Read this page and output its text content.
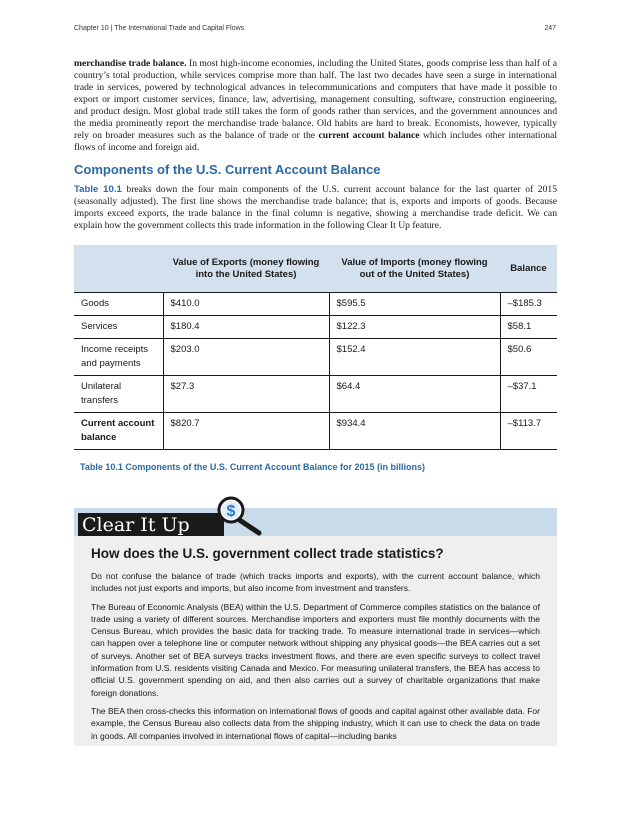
Chapter 10 | The International Trade and Capital Flows	247

merchandise trade balance. In most high-income economies, including the United States, goods comprise less than half of a country’s total production, while services comprise more than half. The last two decades have seen a surge in international trade in services, powered by technological advances in telecommunications and computers that have made it possible to export or import customer services, finance, law, advertising, management consulting, software, construction engineering, and product design. Most global trade still takes the form of goods rather than services, and the government announces and the media prominently report the merchandise trade balance. Old habits are hard to break. Economists, however, typically rely on broader measures such as the balance of trade or the current account balance which includes other international flows of income and foreign aid.

Components of the U.S. Current Account Balance

Table 10.1 breaks down the four main components of the U.S. current account balance for the last quarter of 2015 (seasonally adjusted). The first line shows the merchandise trade balance; that is, exports and imports of goods. Because imports exceed exports, the trade balance in the final column is negative, showing a merchandise trade deficit. We can explain how the government collects this trade information in the following Clear It Up feature.

	Value of Exports (money flowing into the United States)	Value of Imports (money flowing out of the United States)	Balance
Goods	$410.0	$595.5	–$185.3
Services	$180.4	$122.3	$58.1
Income receipts and payments	$203.0	$152.4	$50.6
Unilateral transfers	$27.3	$64.4	–$37.1
Current account balance	$820.7	$934.4	–$113.7

Table 10.1 Components of the U.S. Current Account Balance for 2015 (in billions)

Clear It Up
$
How does the U.S. government collect trade statistics?

Do not confuse the balance of trade (which tracks imports and exports), with the current account balance, which includes not just exports and imports, but also income from investment and transfers.

The Bureau of Economic Analysis (BEA) within the U.S. Department of Commerce compiles statistics on the balance of trade using a variety of different sources. Merchandise importers and exporters must file monthly documents with the Census Bureau, which provides the basic data for tracking trade. To measure international trade in services—which can happen over a telephone line or computer network without shipping any physical goods—the BEA carries out a set of surveys. Another set of BEA surveys tracks investment flows, and there are even specific surveys to collect travel information from U.S. residents visiting Canada and Mexico. For measuring unilateral transfers, the BEA has access to official U.S. government spending on aid, and then also carries out a survey of charitable organizations that make foreign donations.

The BEA then cross-checks this information on international flows of goods and capital against other available data. For example, the Census Bureau also collects data from the shipping industry, which it can use to check the data on trade in goods. All companies involved in international flows of capital—including banks
